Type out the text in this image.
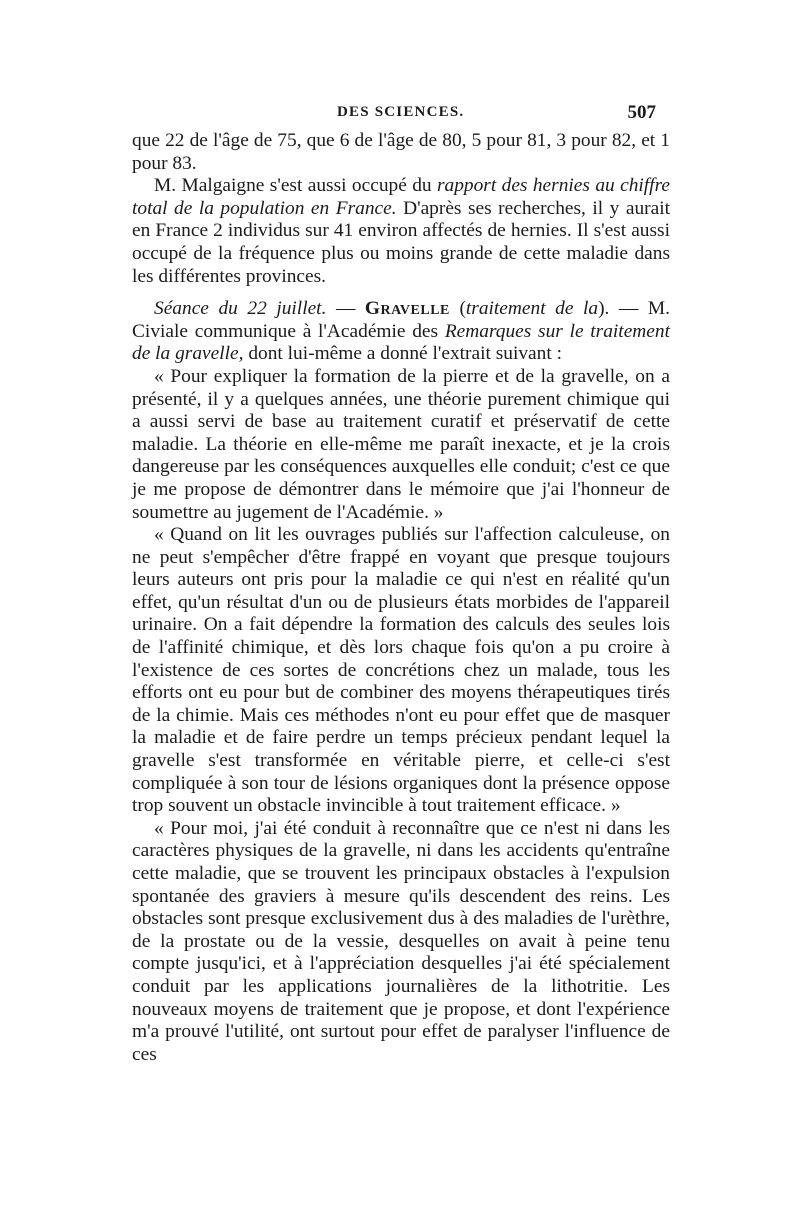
DES SCIENCES.	507

que 22 de l'âge de 75, que 6 de l'âge de 80, 5 pour 81, 3 pour 82, et 1 pour 83.

M. Malgaigne s'est aussi occupé du rapport des hernies au chiffre total de la population en France. D'après ses recherches, il y aurait en France 2 individus sur 41 environ affectés de hernies. Il s'est aussi occupé de la fréquence plus ou moins grande de cette maladie dans les différentes provinces.

Séance du 22 juillet. — Gravelle (traitement de la). — M. Civiale communique à l'Académie des Remarques sur le traitement de la gravelle, dont lui-même a donné l'extrait suivant :

« Pour expliquer la formation de la pierre et de la gravelle, on a présenté, il y a quelques années, une théorie purement chimique qui a aussi servi de base au traitement curatif et préservatif de cette maladie. La théorie en elle-même me paraît inexacte, et je la crois dangereuse par les conséquences auxquelles elle conduit; c'est ce que je me propose de démontrer dans le mémoire que j'ai l'honneur de soumettre au jugement de l'Académie. »

« Quand on lit les ouvrages publiés sur l'affection calculeuse, on ne peut s'empêcher d'être frappé en voyant que presque toujours leurs auteurs ont pris pour la maladie ce qui n'est en réalité qu'un effet, qu'un résultat d'un ou de plusieurs états morbides de l'appareil urinaire. On a fait dépendre la formation des calculs des seules lois de l'affinité chimique, et dès lors chaque fois qu'on a pu croire à l'existence de ces sortes de concrétions chez un malade, tous les efforts ont eu pour but de combiner des moyens thérapeutiques tirés de la chimie. Mais ces méthodes n'ont eu pour effet que de masquer la maladie et de faire perdre un temps précieux pendant lequel la gravelle s'est transformée en véritable pierre, et celle-ci s'est compliquée à son tour de lésions organiques dont la présence oppose trop souvent un obstacle invincible à tout traitement efficace. »

« Pour moi, j'ai été conduit à reconnaître que ce n'est ni dans les caractères physiques de la gravelle, ni dans les accidents qu'entraîne cette maladie, que se trouvent les principaux obstacles à l'expulsion spontanée des graviers à mesure qu'ils descendent des reins. Les obstacles sont presque exclusivement dus à des maladies de l'urèthre, de la prostate ou de la vessie, desquelles on avait à peine tenu compte jusqu'ici, et à l'appréciation desquelles j'ai été spécialement conduit par les applications journalières de la lithotritie. Les nouveaux moyens de traitement que je propose, et dont l'expérience m'a prouvé l'utilité, ont surtout pour effet de paralyser l'influence de ces
